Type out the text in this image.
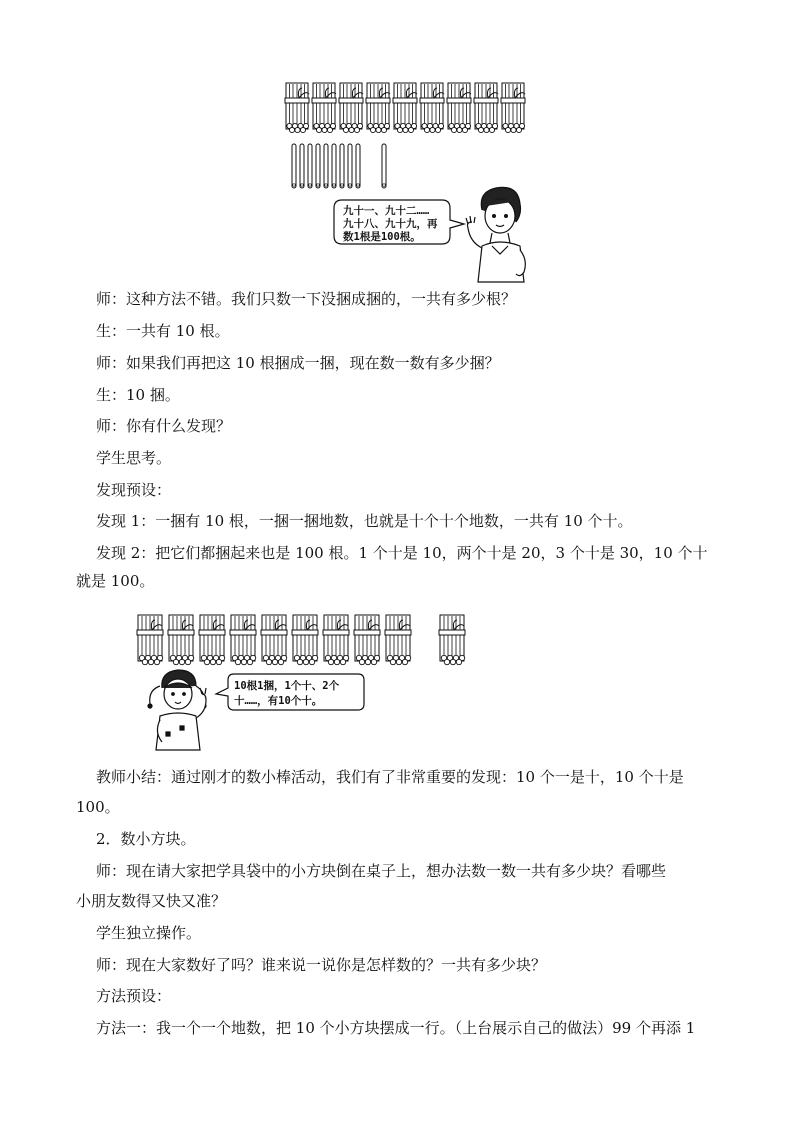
九十一、九十二……
九十八、九十九，再
数1根是100根。
师：这种方法不错。我们只数一下没捆成捆的，一共有多少根？
生：一共有 10 根。
师：如果我们再把这 10 根捆成一捆，现在数一数有多少捆？
生：10 捆。
师：你有什么发现？
学生思考。
发现预设：
发现 1：一捆有 10 根，一捆一捆地数，也就是十个十个地数，一共有 10 个十。
发现 2：把它们都捆起来也是 100 根。1 个十是 10，两个十是 20，3 个十是 30，10 个十
就是 100。
10根1捆，1个十、2个
十……，有10个十。
教师小结：通过刚才的数小棒活动，我们有了非常重要的发现：10 个一是十，10 个十是
100。
2．数小方块。
师：现在请大家把学具袋中的小方块倒在桌子上，想办法数一数一共有多少块？看哪些
小朋友数得又快又准？
学生独立操作。
师：现在大家数好了吗？谁来说一说你是怎样数的？一共有多少块？
方法预设：
方法一：我一个一个地数，把 10 个小方块摆成一行。（上台展示自己的做法）99 个再添 1
